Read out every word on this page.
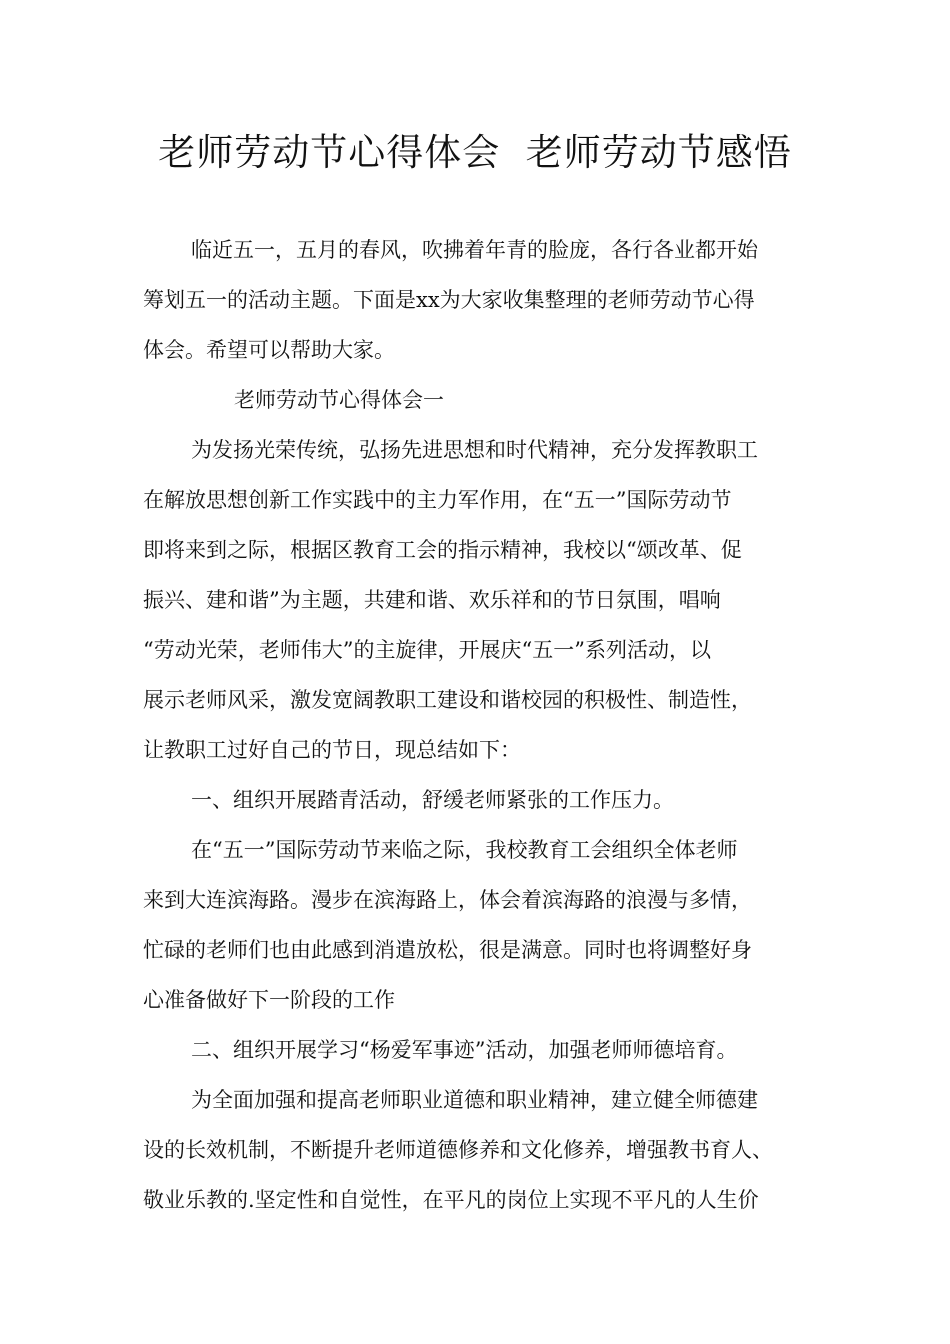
老师劳动节心得体会  老师劳动节感悟
临近五一，五月的春风，吹拂着年青的脸庞，各行各业都开始
筹划五一的活动主题。下面是xx为大家收集整理的老师劳动节心得
体会。希望可以帮助大家。
老师劳动节心得体会一
为发扬光荣传统，弘扬先进思想和时代精神，充分发挥教职工
在解放思想创新工作实践中的主力军作用，在“五一”国际劳动节
即将来到之际，根据区教育工会的指示精神，我校以“颂改革、促
振兴、建和谐”为主题，共建和谐、欢乐祥和的节日氛围，唱响
“劳动光荣，老师伟大”的主旋律，开展庆“五一”系列活动，以
展示老师风采，激发宽阔教职工建设和谐校园的积极性、制造性，
让教职工过好自己的节日，现总结如下：
一、组织开展踏青活动，舒缓老师紧张的工作压力。
在“五一”国际劳动节来临之际，我校教育工会组织全体老师
来到大连滨海路。漫步在滨海路上，体会着滨海路的浪漫与多情，
忙碌的老师们也由此感到消遣放松，很是满意。同时也将调整好身
心准备做好下一阶段的工作
二、组织开展学习“杨爱军事迹”活动，加强老师师德培育。
为全面加强和提高老师职业道德和职业精神，建立健全师德建
设的长效机制，不断提升老师道德修养和文化修养，增强教书育人、
敬业乐教的.坚定性和自觉性，在平凡的岗位上实现不平凡的人生价
